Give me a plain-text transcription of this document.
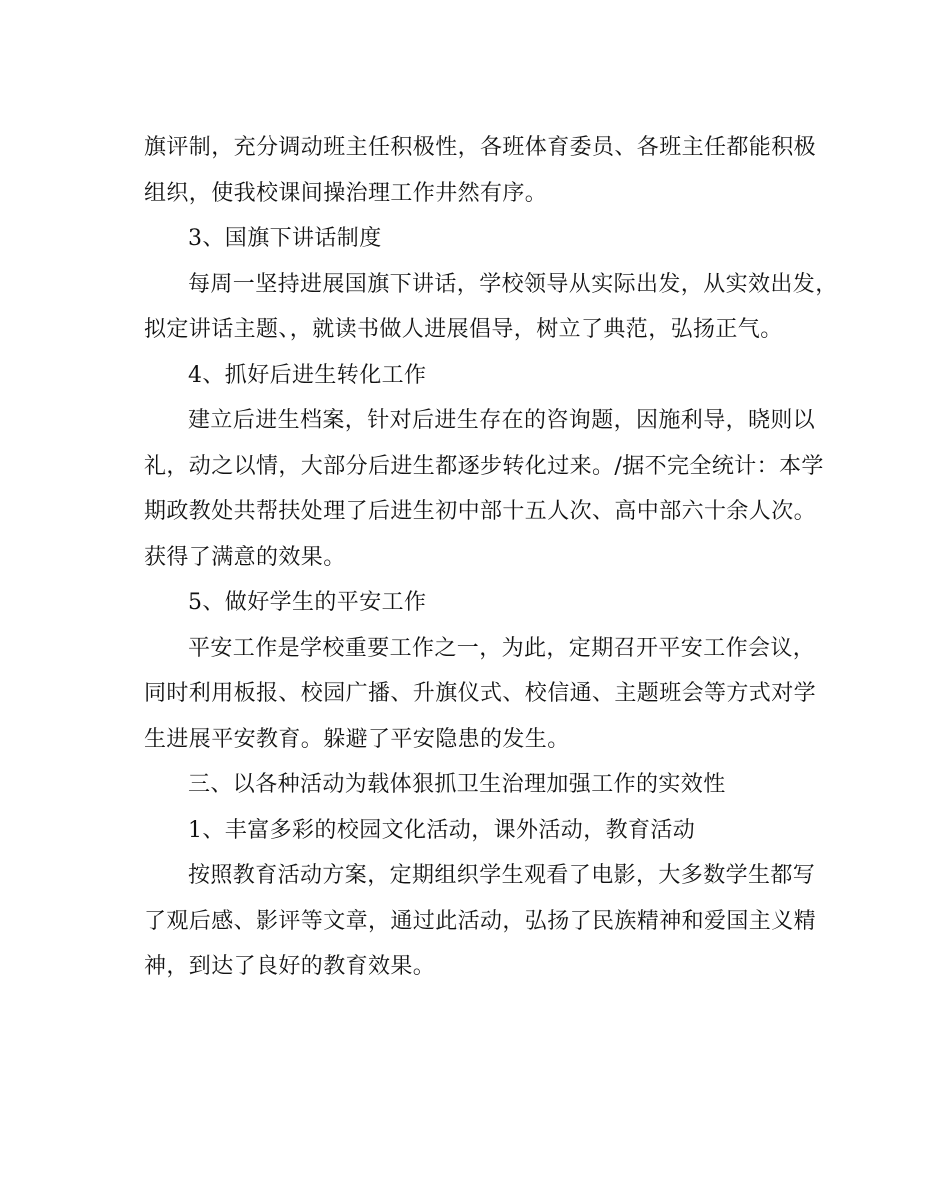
旗评制，充分调动班主任积极性，各班体育委员、各班主任都能积极

组织，使我校课间操治理工作井然有序。

3、国旗下讲话制度

每周一坚持进展国旗下讲话，学校领导从实际出发，从实效出发，

拟定讲话主题、，就读书做人进展倡导，树立了典范，弘扬正气。

4、抓好后进生转化工作

建立后进生档案，针对后进生存在的咨询题，因施利导，晓则以

礼，动之以情，大部分后进生都逐步转化过来。/据不完全统计：本学

期政教处共帮扶处理了后进生初中部十五人次、高中部六十余人次。

获得了满意的效果。

5、做好学生的平安工作

平安工作是学校重要工作之一，为此，定期召开平安工作会议，

同时利用板报、校园广播、升旗仪式、校信通、主题班会等方式对学

生进展平安教育。躲避了平安隐患的发生。

三、以各种活动为载体狠抓卫生治理加强工作的实效性

1、丰富多彩的校园文化活动，课外活动，教育活动

按照教育活动方案，定期组织学生观看了电影，大多数学生都写

了观后感、影评等文章，通过此活动，弘扬了民族精神和爱国主义精

神，到达了良好的教育效果。
